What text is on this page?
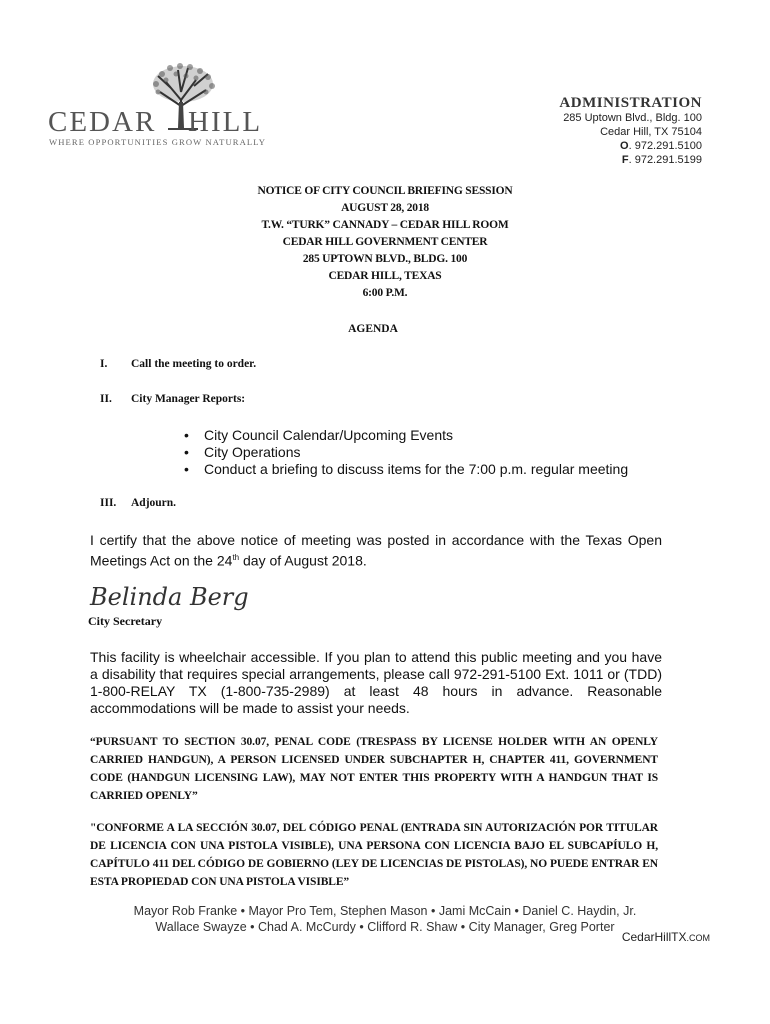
CEDAR HILL
WHERE OPPORTUNITIES GROW NATURALLY
ADMINISTRATION
285 Uptown Blvd., Bldg. 100
Cedar Hill, TX 75104
O. 972.291.5100
F. 972.291.5199
NOTICE OF CITY COUNCIL BRIEFING SESSION
AUGUST 28, 2018
T.W. “TURK” CANNADY – CEDAR HILL ROOM
CEDAR HILL GOVERNMENT CENTER
285 UPTOWN BLVD., BLDG. 100
CEDAR HILL, TEXAS
6:00 P.M.
AGENDA
I. Call the meeting to order.
II. City Manager Reports:
• City Council Calendar/Upcoming Events
• City Operations
• Conduct a briefing to discuss items for the 7:00 p.m. regular meeting
III. Adjourn.
I certify that the above notice of meeting was posted in accordance with the Texas Open Meetings Act on the 24th day of August 2018.
Belinda Berg
City Secretary
This facility is wheelchair accessible. If you plan to attend this public meeting and you have a disability that requires special arrangements, please call 972-291-5100 Ext. 1011 or (TDD) 1-800-RELAY TX (1-800-735-2989) at least 48 hours in advance. Reasonable accommodations will be made to assist your needs.
“PURSUANT TO SECTION 30.07, PENAL CODE (TRESPASS BY LICENSE HOLDER WITH AN OPENLY CARRIED HANDGUN), A PERSON LICENSED UNDER SUBCHAPTER H, CHAPTER 411, GOVERNMENT CODE (HANDGUN LICENSING LAW), MAY NOT ENTER THIS PROPERTY WITH A HANDGUN THAT IS CARRIED OPENLY”
"CONFORME A LA SECCIÓN 30.07, DEL CÓDIGO PENAL (ENTRADA SIN AUTORIZACIÓN POR TITULAR DE LICENCIA CON UNA PISTOLA VISIBLE), UNA PERSONA CON LICENCIA BAJO EL SUBCAPÍULO H, CAPÍTULO 411 DEL CÓDIGO DE GOBIERNO (LEY DE LICENCIAS DE PISTOLAS), NO PUEDE ENTRAR EN ESTA PROPIEDAD CON UNA PISTOLA VISIBLE”
Mayor Rob Franke • Mayor Pro Tem, Stephen Mason • Jami McCain • Daniel C. Haydin, Jr.
Wallace Swayze • Chad A. McCurdy • Clifford R. Shaw • City Manager, Greg Porter
CedarHillTX.COM
